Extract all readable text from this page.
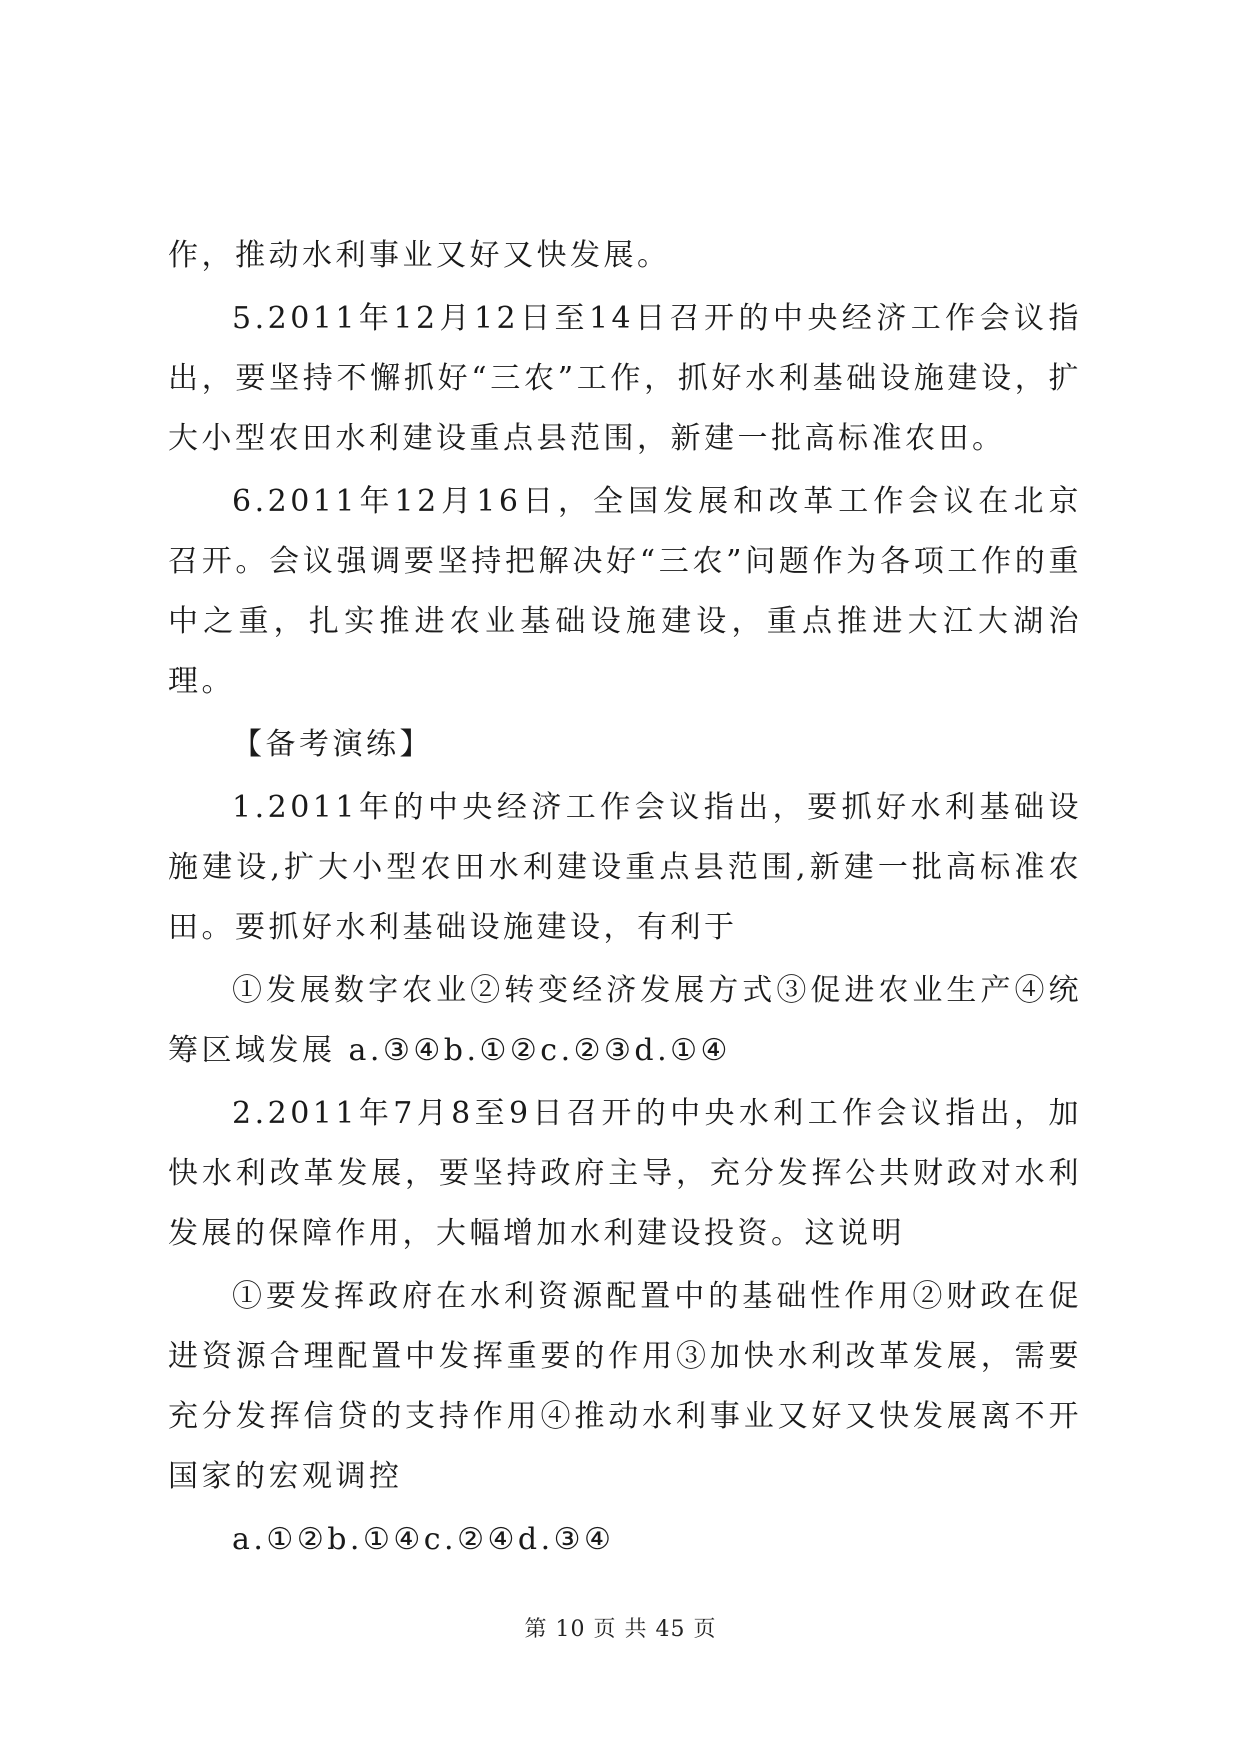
作，推动水利事业又好又快发展。

5.2011年12月12日至14日召开的中央经济工作会议指出，要坚持不懈抓好“三农”工作，抓好水利基础设施建设，扩大小型农田水利建设重点县范围，新建一批高标准农田。

6.2011年12月16日，全国发展和改革工作会议在北京召开。会议强调要坚持把解决好“三农”问题作为各项工作的重中之重，扎实推进农业基础设施建设，重点推进大江大湖治理。

【备考演练】

1.2011年的中央经济工作会议指出，要抓好水利基础设施建设,扩大小型农田水利建设重点县范围,新建一批高标准农田。要抓好水利基础设施建设，有利于

①发展数字农业②转变经济发展方式③促进农业生产④统筹区域发展 a.③④b.①②c.②③d.①④

2.2011年7月8至9日召开的中央水利工作会议指出，加快水利改革发展，要坚持政府主导，充分发挥公共财政对水利发展的保障作用，大幅增加水利建设投资。这说明

①要发挥政府在水利资源配置中的基础性作用②财政在促进资源合理配置中发挥重要的作用③加快水利改革发展，需要充分发挥信贷的支持作用④推动水利事业又好又快发展离不开国家的宏观调控

a.①②b.①④c.②④d.③④

第 10 页 共 45 页
